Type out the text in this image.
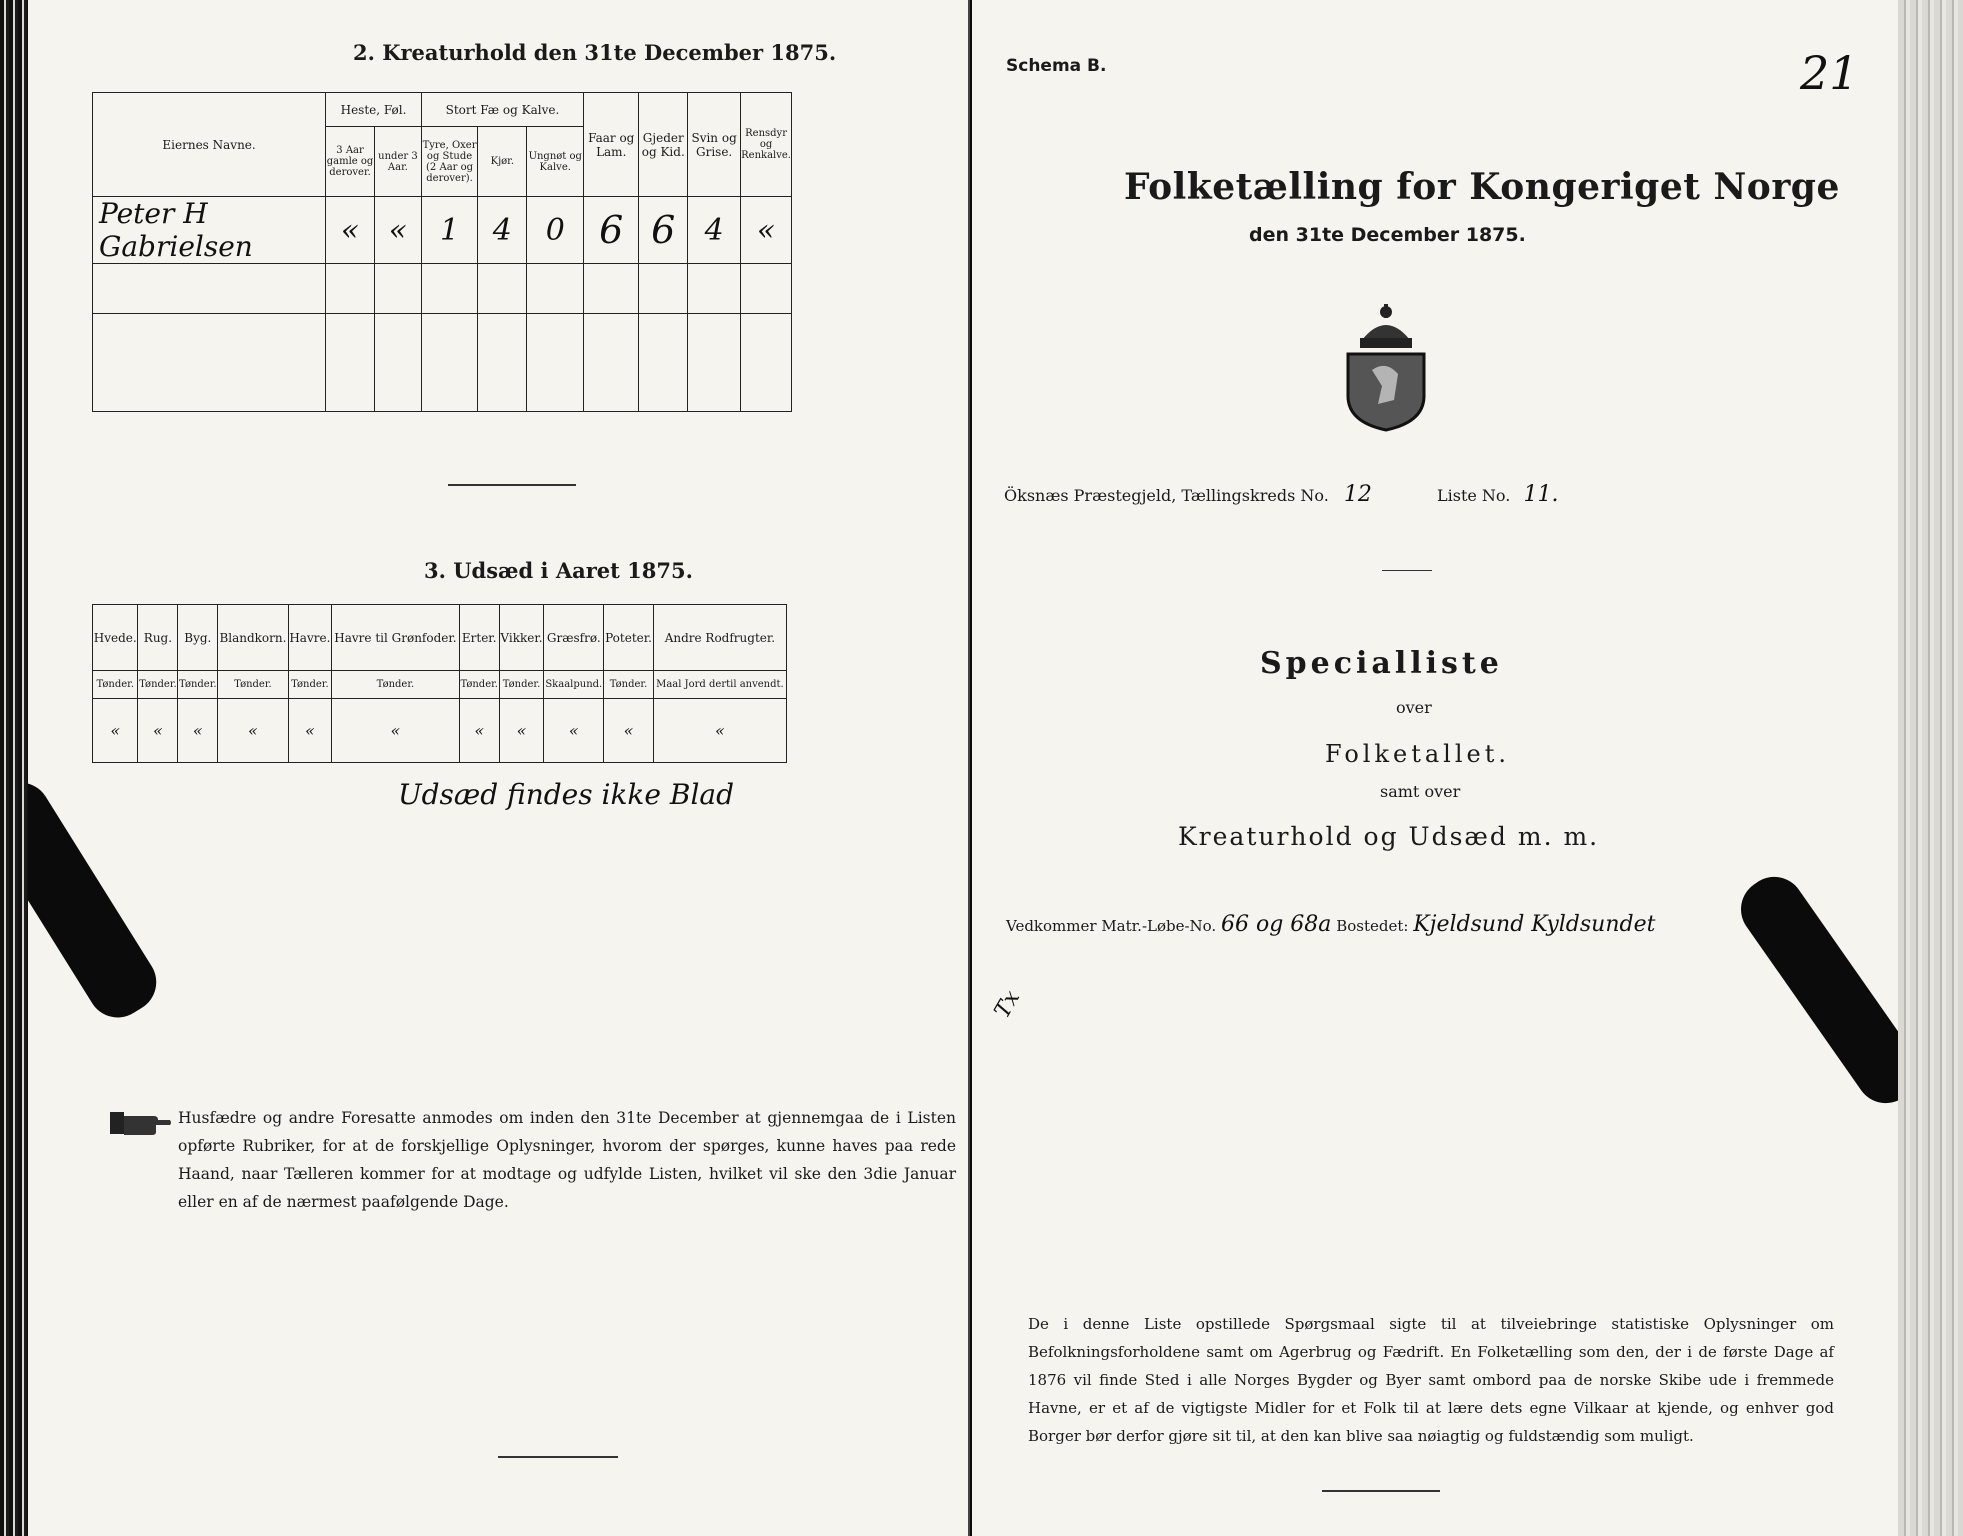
2. Kreaturhold den 31te December 1875.
Eiernes Navne.	Heste, Føl.		Stort Fæ og Kalve.			Faar og Lam.	Gjeder og Kid.	Svin og Grise.	Rensdyr og Renkalve.
	3 Aar gamle og derover.	under 3 Aar.	Tyre, Oxer og Stude (2 Aar og derover).	Kjør.	Ungnøt og Kalve.				
Peter H Gabrielsen	«	«	1	4	0	6	6	4	«

3. Udsæd i Aaret 1875.
Hvede.	Rug.	Byg.	Blandkorn.	Havre.	Havre til Grønfoder.	Erter.	Vikker.	Græsfrø.	Poteter.	Andre Rodfrugter.
Tønder.	Tønder.	Tønder.	Tønder.	Tønder.	Tønder.	Tønder.	Tønder.	Skaalpund.	Tønder.	Maal Jord dertil anvendt.
«	«	«	«	«	«	«	«	«	«	«
Udsæd findes ikke Blad
Husfædre og andre Foresatte anmodes om inden den 31te December at gjennemgaa de i Listen opførte Rubriker, for at de forskjellige Oplysninger, hvorom der spørges, kunne haves paa rede Haand, naar Tælleren kommer for at modtage og udfylde Listen, hvilket vil ske den 3die Januar eller en af de nærmest paafølgende Dage.
Schema B.	21
Folketælling for Kongeriget Norge
den 31te December 1875.
Öksnæs Præstegjeld, Tællingskreds No. 12	Liste No. 11.
Specialliste
over
Folketallet.
samt over
Kreaturhold og Udsæd m. m.
Vedkommer Matr.-Løbe-No. 66 og 68a Bostedet: Kjeldsund Kyldsundet
Tx
De i denne Liste opstillede Spørgsmaal sigte til at tilveiebringe statistiske Oplysninger om Befolkningsforholdene samt om Agerbrug og Fædrift. En Folketælling som den, der i de første Dage af 1876 vil finde Sted i alle Norges Bygder og Byer samt ombord paa de norske Skibe ude i fremmede Havne, er et af de vigtigste Midler for et Folk til at lære dets egne Vilkaar at kjende, og enhver god Borger bør derfor gjøre sit til, at den kan blive saa nøiagtig og fuldstændig som muligt.
